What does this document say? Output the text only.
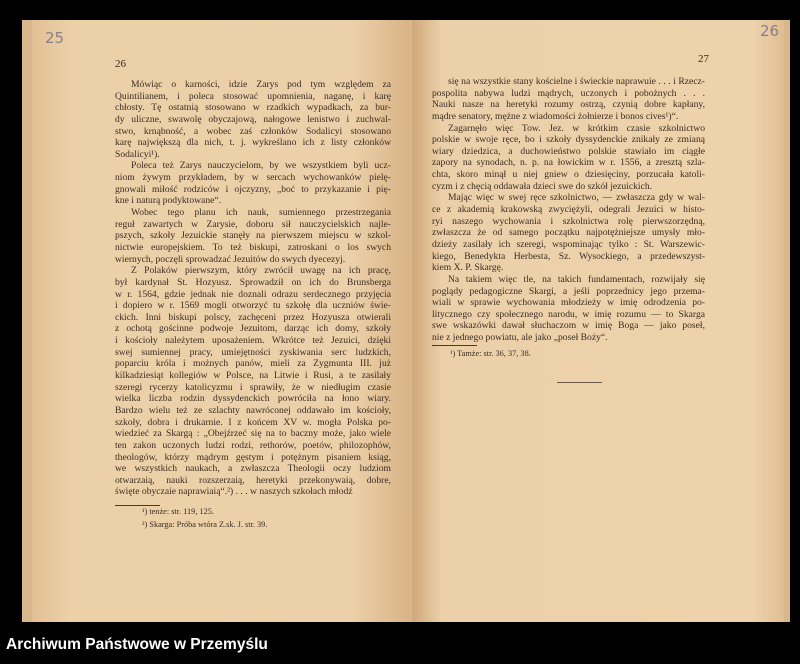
25
26
Mówiąc o karności, idzie Zarys pod tym względem za
Quintilianem, i poleca stosować upomnienia, naganę, i karę
chłosty. Tę ostatnią stosowano w rzadkich wypadkach, za bur-
dy uliczne, swawolę obyczajową, nałogowe lenistwo i zuchwal-
stwo, krnąbność, a wobec zaś członków Sodalicyi stosowano
karę największą dla nich, t. j. wykreślano ich z listy członków
Sodalicyi¹).
Poleca też Zarys nauczycielom, by we wszystkiem byli ucz-
niom żywym przykładem, by w sercach wychowanków pielę-
gnowali miłość rodziców i ojczyzny, „boć to przykazanie i pię-
kne i naturą podyktowane“.
Wobec tego planu ich nauk, sumiennego przestrzegania
reguł zawartych w Zarysie, doboru sił nauczycielskich najle-
pszych, szkoły Jezuickie stanęły na pierwszem miejscu w szkol-
nictwie europejskiem. To też biskupi, zatroskani o los swych
wiernych, poczęli sprowadzać Jezuitów do swych dyecezyj.
Z Polaków pierwszym, który zwrócił uwagę na ich pracę,
był kardynał St. Hozyusz. Sprowadził on ich do Brunsberga
w r. 1564, gdzie jednak nie doznali odrazu serdecznego przyjęcia
i dopiero w r. 1569 mogli otworzyć tu szkołę dla uczniów świe-
ckich. Inni biskupi polscy, zachęceni przez Hozyusza otwierali
z ochotą gościnne podwoje Jezuitom, darząc ich domy, szkoły
i kościoły należytem uposażeniem. Wkrótce też Jezuici, dzięki
swej sumiennej pracy, umiejętności zyskiwania serc ludzkich,
poparciu króla i możnych panów, mieli za Zygmunta III. już
kilkadziesiąt kollegiów w Polsce, na Litwie i Rusi, a te zasilały
szeregi rycerzy katolicyzmu i sprawiły, że w niedługim czasie
wielka liczba rodzin dyssydenckich powróciła na łono wiary.
Bardzo wielu też ze szlachty nawróconej oddawało im kościoły,
szkoły, dobra i drukarnie. I z końcem XV w. mogła Polska po-
wiedzieć za Skargą : „Obejźrzeć się na to baczny może, jako wiele
ten zakon uczonych ludzi rodzi, rethorów, poetów, philozophów,
theologów, którzy mądrym gęstym i potężnym pisaniem ksiąg,
we wszystkich naukach, a zwłaszcza Theologii oczy ludziom
otwarzaią, nauki rozszerzaią, heretyki przekonywaią, dobre,
święte obyczaie naprawiaią“.²) . . . w naszych szkołach młodź
¹) tenże: str. 119, 125.
²) Skarga: Próba wtóra Z.sk. J. str. 39.
26
27
się na wszystkie stany kościelne i świeckie naprawuie . . . i Rzecz-
pospolita nabywa ludzi mądrych, uczonych i pobożnych . . .
Nauki nasze na heretyki rozumy ostrzą, czynią dobre kapłany,
mądre senatory, mężne z wiadomości żołnierze i bonos cives¹)“.
Zagarnęło więc Tow. Jez. w krótkim czasie szkolnictwo
polskie w swoje ręce, bo i szkoły dyssydenckie znikały ze zmianą
wiary dziedzica, a duchowieństwo polskie stawiało im ciągłe
zapory na synodach, n. p. na łowickim w r. 1556, a zresztą szla-
chta, skoro minął u niej gniew o dziesięciny, porzucała katoli-
cyzm i z chęcią oddawała dzieci swe do szkół jezuickich.
Mając więc w swej ręce szkolnictwo, — zwłaszcza gdy w wal-
ce z akademią krakowską zwyciężyli, odegrali Jezuici w histo-
ryi naszego wychowania i szkolnictwa rolę pierwszorzędną,
zwłaszcza że od samego początku najpotężniejsze umysły mło-
dzieży zasilały ich szeregi, wspominając tylko : St. Warszewic-
kiego, Benedykta Herbesta, Sz. Wysockiego, a przedewszyst-
kiem X. P. Skargę.
Na takiem więc tle, na takich fundamentach, rozwijały się
poglądy pedagogiczne Skargi, a jeśli poprzednicy jego przema-
wiali w sprawie wychowania młodzieży w imię odrodzenia po-
litycznego czy społecznego narodu, w imię rozumu — to Skarga
swe wskazówki dawał słuchaczom w imię Boga — jako poseł,
nie z jednego powiatu, ale jako „poseł Boży“.
¹) Tamże: str. 36, 37, 38.
Archiwum Państwowe w Przemyślu
